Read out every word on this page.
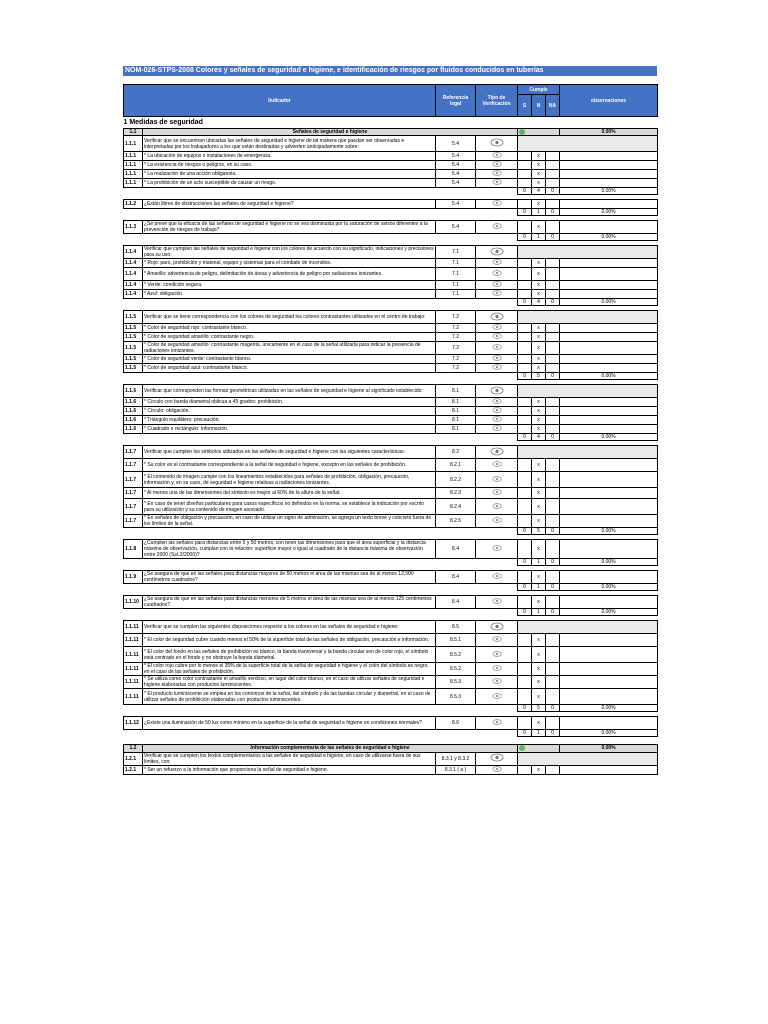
NOM-026-STPS-2008 Colores y señales de seguridad e higiene, e identificación de riesgos por fluidos conducidos en tuberías
Indicador		Referencia legal	Tipo de Verificación	Cumple			observaciones
				S	N	NA	
1 Medidas de seguridad							
1.1	Señales de seguridad e higiene						0.00%
1.1.1	Verificar que se encuentran ubicadas las señales de seguridad e higiene de tal manera que puedan ser observadas e interpretadas por los trabajadores a los que están destinadas y advierten anticipadamente sobre:	5.4	

1.1.1	* La ubicación de equipos o instalaciones de emergencia.	5.4			x		
1.1.1	* La existencia de riesgos o peligros, en su caso.	5.4			x		
1.1.1	* La realización de una acción obligatoria.	5.4			x		
1.1.1	* La prohibición de un acto susceptible de causar un riesgo.	5.4			x		
				0	4	0	0.00%

1.1.2	¿Están libres de obstrucciones las señales de seguridad e higiene?	5.4			x		
				0	1	0	0.00%

1.1.3	¿Se prevé que la eficacia de las señales de seguridad e higiene no se vea disminuida por la saturación de avisos diferentes a la prevención de riesgos de trabajo?	5.4			x		
				0	1	0	0.00%

1.1.4	Verificar que cumplen las señales de seguridad e higiene con los colores de acuerdo con su significado, indicaciones y precisiones para su uso:	7.1	

1.1.4	* Rojo: paro, prohibición y material, equipo y sistemas para el combate de incendios.	7.1			x		
1.1.4	* Amarillo: advertencia de peligro, delimitación de áreas y advertencia de peligro por radiaciones ionizantes.	7.1			x		
1.1.4	* Verde: condición segura.	7.1			x		
1.1.4	* Azul: obligación.	7.1			x		
				0	4	0	0.00%

1.1.5	Verificar que se tiene correspondencia con los colores de seguridad los colores contrastantes utilizados en el centro de trabajo:	7.2	

1.1.5	* Color de seguridad rojo: contrastante blanco.	7.2			x		
1.1.5	* Color de seguridad amarillo: contrastante negro.	7.2			x		
1.1.5	* Color de seguridad amarillo: contrastante magenta, únicamente en el caso de la señal utilizada para indicar la presencia de radiaciones ionizantes.	7.2			x		
1.1.5	* Color de seguridad verde: contrastante blanco.	7.2			x		
1.1.5	* Color de seguridad azul: contrastante blanco.	7.2			x		
				0	5	0	0.00%

1.1.6	Verificar que corresponden las formas geométricas utilizadas en las señales de seguridad e higiene al significado establecido:	8.1	

1.1.6	* Círculo con banda diametral oblicua a 45 grados: prohibición.	8.1			x		
1.1.6	* Círculo: obligación.	8.1			x		
1.1.6	* Triángulo equilátero: precaución.	8.1			x		
1.1.6	* Cuadrado o rectángulo: información.	8.1			x		
				0	4	0	0.00%

1.1.7	Verificar que cumplen los símbolos utilizados en las señales de seguridad e higiene con las siguientes características:	8.2	

1.1.7	* Su color es el contrastante correspondiente a la señal de seguridad e higiene, excepto en las señales de prohibición.	8.2.1			x		
1.1.7	* El contenido de imagen cumple con los lineamientos establecidos para señales de prohibición, obligación, precaución, información y, en su caso, de seguridad e higiene relativas a radiaciones ionizantes.	8.2.2			x		
1.1.7	* Al menos una de las dimensiones del símbolo es mayor al 60% de la altura de la señal.	8.2.3			x		
1.1.7	* En caso de tener diseños particulares para casos específicos no definidos en la norma, se establece la indicación por escrito para su utilización y su contenido de imagen asociado.	8.2.4			x		
1.1.7	* En señales de obligación y precaución, en caso de utilizar un signo de admiración, se agrega un texto breve y concreto fuera de los límites de la señal.	8.2.5			x		
				0	5	0	0.00%

1.1.8	¿Cumplen las señales para distancias entre 5 y 50 metros, con tener las dimensiones para que el área superficial y la distancia máxima de observación, cumplan con la relación: superficie mayor o igual al cuadrado de la distancia máxima de observación entre 2000 (S≥L2/2000)?	8.4			x		
				0	1	0	0.00%

1.1.9	¿Se asegura de que en las señales para distancias mayores de 50 metros el área de las mismas sea de al menos 12,500 centímetros cuadrados?	8.4			x		
				0	1	0	0.00%

1.1.10	¿Se asegura de que en las señales para distancias menores de 5 metros el área de las mismas sea de al menos 125 centímetros cuadrados?	8.4			x		
				0	1	0	0.00%

1.1.11	Verificar que se cumplen las siguientes disposiciones respecto a los colores en las señales de seguridad e higiene:	8.5	

1.1.11	* El color de seguridad cubre cuando menos el 50% de la superficie total de las señales de obligación, precaución e información.	8.5.1			x		
1.1.11	* El color del fondo en las señales de prohibición es blanco, la banda transversal y la banda circular son de color rojo, el símbolo está centrado en el fondo y no obstruye la banda diametral.	8.5.2			x		
1.1.11	* El color rojo cubre por lo menos el 35% de la superficie total de la señal de seguridad e higiene y el color del símbolo es negro, en el caso de las señales de prohibición.	8.5.2			x		
1.1.11	* Se utiliza como color contrastante el amarillo verdoso, en lugar del color blanco, en el caso de utilizar señales de seguridad e higiene elaboradas con productos luminiscentes.	8.5.3			x		
1.1.11	* El producto luminiscente se emplea en los contornos de la señal, del símbolo y de las bandas circular y diametral, en el caso de utilizar señales de prohibición elaboradas con productos luminiscentes.	8.5.3			x		
				0	5	0	0.00%

1.1.12	¿Existe una iluminación de 50 lux como mínimo en la superficie de la señal de seguridad e higiene en condiciones normales?	8.6			x		
				0	1	0	0.00%

1.2	Información complementaria de las señales de seguridad e higiene						0.00%
1.2.1	Verificar que se cumplen los textos complementarios a las señales de seguridad e higiene, en caso de utilizarse fuera de sus límites, con:	8.3.1 y 8.3.2	

1.2.1	* Ser un refuerzo a la información que proporciona la señal de seguridad e higiene.	8.3.1 ( a )			x		
